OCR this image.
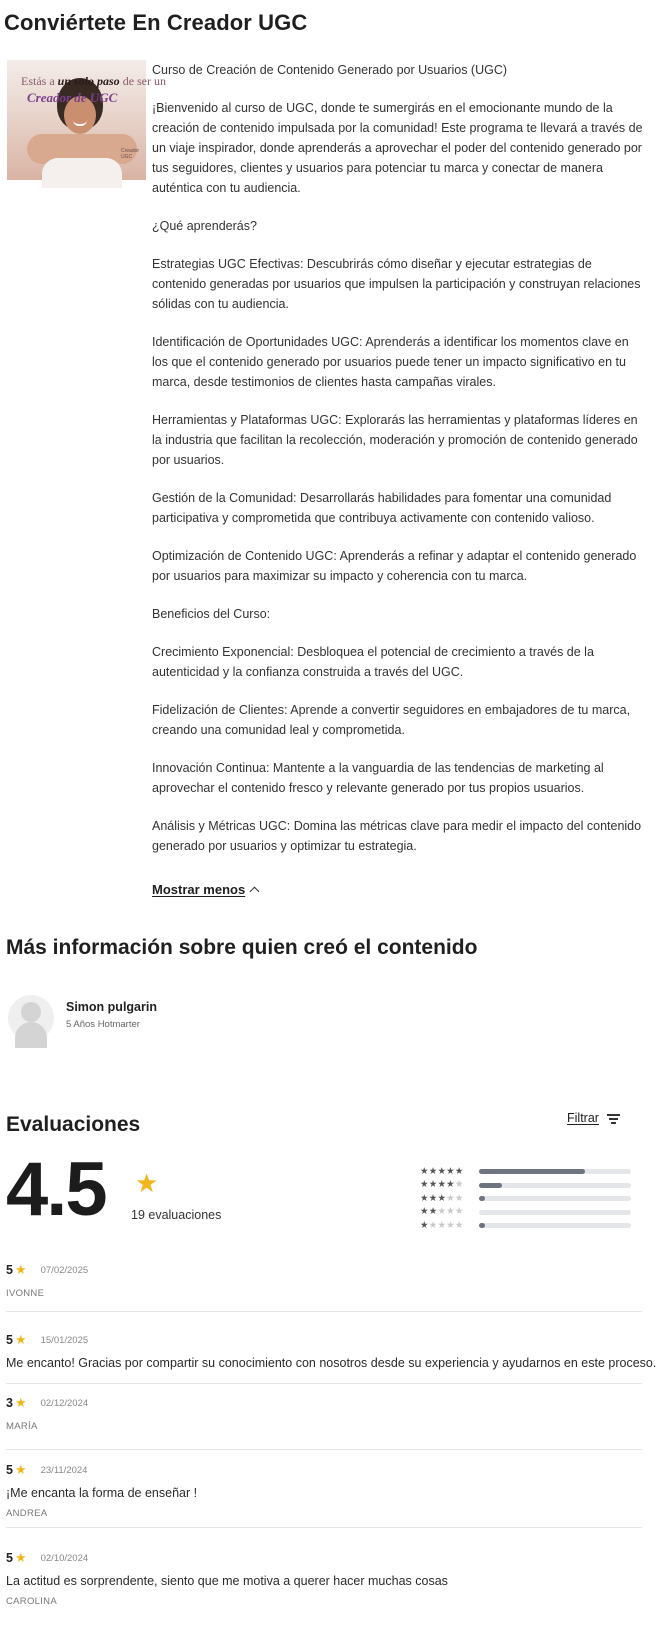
Conviértete En Creador UGC
Estás a un solo paso de ser un
Creador de UGC
Creador UGC

Curso de Creación de Contenido Generado por Usuarios (UGC)

¡Bienvenido al curso de UGC, donde te sumergirás en el emocionante mundo de la creación de contenido impulsada por la comunidad! Este programa te llevará a través de un viaje inspirador, donde aprenderás a aprovechar el poder del contenido generado por tus seguidores, clientes y usuarios para potenciar tu marca y conectar de manera auténtica con tu audiencia.

¿Qué aprenderás?

Estrategias UGC Efectivas: Descubrirás cómo diseñar y ejecutar estrategias de contenido generadas por usuarios que impulsen la participación y construyan relaciones sólidas con tu audiencia.

Identificación de Oportunidades UGC: Aprenderás a identificar los momentos clave en los que el contenido generado por usuarios puede tener un impacto significativo en tu marca, desde testimonios de clientes hasta campañas virales.

Herramientas y Plataformas UGC: Explorarás las herramientas y plataformas líderes en la industria que facilitan la recolección, moderación y promoción de contenido generado por usuarios.

Gestión de la Comunidad: Desarrollarás habilidades para fomentar una comunidad participativa y comprometida que contribuya activamente con contenido valioso.

Optimización de Contenido UGC: Aprenderás a refinar y adaptar el contenido generado por usuarios para maximizar su impacto y coherencia con tu marca.

Beneficios del Curso:

Crecimiento Exponencial: Desbloquea el potencial de crecimiento a través de la autenticidad y la confianza construida a través del UGC.

Fidelización de Clientes: Aprende a convertir seguidores en embajadores de tu marca, creando una comunidad leal y comprometida.

Innovación Continua: Mantente a la vanguardia de las tendencias de marketing al aprovechar el contenido fresco y relevante generado por tus propios usuarios.

Análisis y Métricas UGC: Domina las métricas clave para medir el impacto del contenido generado por usuarios y optimizar tu estrategia.

Mostrar menos
Más información sobre quien creó el contenido
Simon pulgarin
5 Años Hotmarter
Evaluaciones	Filtrar
4.5 ★
19 evaluaciones
★★★★★
★★★★★
★★★★★
★★★★★
★★★★★
5 ★ 07/02/2025
IVONNE
5 ★ 15/01/2025
Me encanto! Gracias por compartir su conocimiento con nosotros desde su experiencia y ayudarnos en este proceso.
3 ★ 02/12/2024
MARÍA
5 ★ 23/11/2024
¡Me encanta la forma de enseñar !
ANDREA
5 ★ 02/10/2024
La actitud es sorprendente, siento que me motiva a querer hacer muchas cosas
CAROLINA
